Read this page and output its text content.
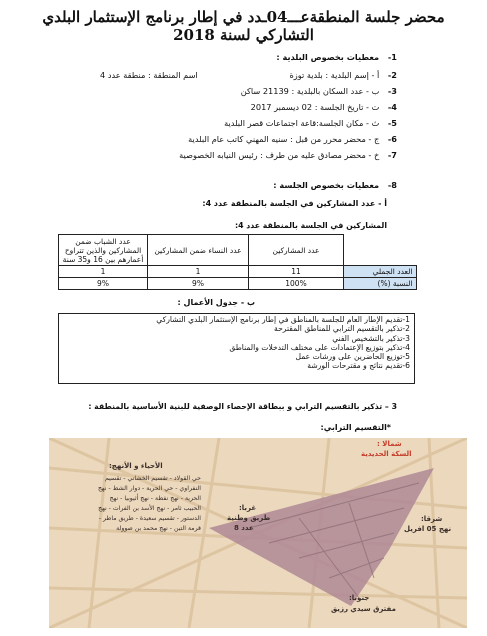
محضر جلسة المنطقةعـــ04ـدد في إطار برنامج الإستثمار البلدي
التشاركي لسنة 2018
1- معطيات بخصوص البلدية :
2- أ - إسم البلدية : بلدية توزة
اسم المنطقة : منطقة عدد 4
3- ب - عدد السكان بالبلدية : 21139 ساكن
4- ت - تاريخ الجلسة : 02 ديسمبر 2017
5- ث - مكان الجلسة:قاعة اجتماعات قصر البلدية
6- ج - محضر محرر من قبل : سنيه المهني كاتب عام البلدية
7- خ - محضر مصادق عليه من طرف : رئيس النيابه الخصوصية
8- معطيات بخصوص الجلسة :
أ - عدد المشاركين في الجلسة بالمنطقة عدد 4:
المشاركين في الجلسة بالمنطقة عدد 4:
	عدد المشاركين	عدد النساء ضمن المشاركين	عدد الشباب ضمن المشاركين والذين تتراوح أعمارهم بين 16 و35 سنة
العدد الجملي	11	1	1
النسبة (%)	100%	9%	9%
ب - جدول الأعمال :
1-تقديم الإطار العام للجلسة بالمناطق في إطار برنامج الإستثمار البلدي التشاركي
2-تذكير بالتقسيم الترابي للمناطق المقترحة
3-تذكير بالتشخيص الفني
4-تذكير بتوزيع الإعتمادات على مختلف التدخلات والمناطق
5-توزيع الحاضرين على ورشات عمل
6-تقديم نتائج و مقترحات الورشة
3 – تذكير بالتقسيم الترابي و ببطاقة الإحصاء الوصفية للبنية الأساسية بالمنطقة :
*التقسيم الترابي:
الأحياء و الأنهج:
حي القولاد - تقسيم الخشاني - تقسيم
النفراوي - حي الحرية - دوار الشط - نهج
الحرية - نهج نفطة - نهج أثيوبيا - نهج
الحبيب ثامر - نهج الأسد بن الفرات - نهج
الدستور - تقسيم سعيدة - طريق ماطر -
قرمة التين - نهج محمد بن صوولة
شمالا :
السكة الحديدية
غربا:
طريق وطنية
عدد 8
شرقا:
نهج 05 افريل
جنوبا:
مفترق سيدي رزيق
